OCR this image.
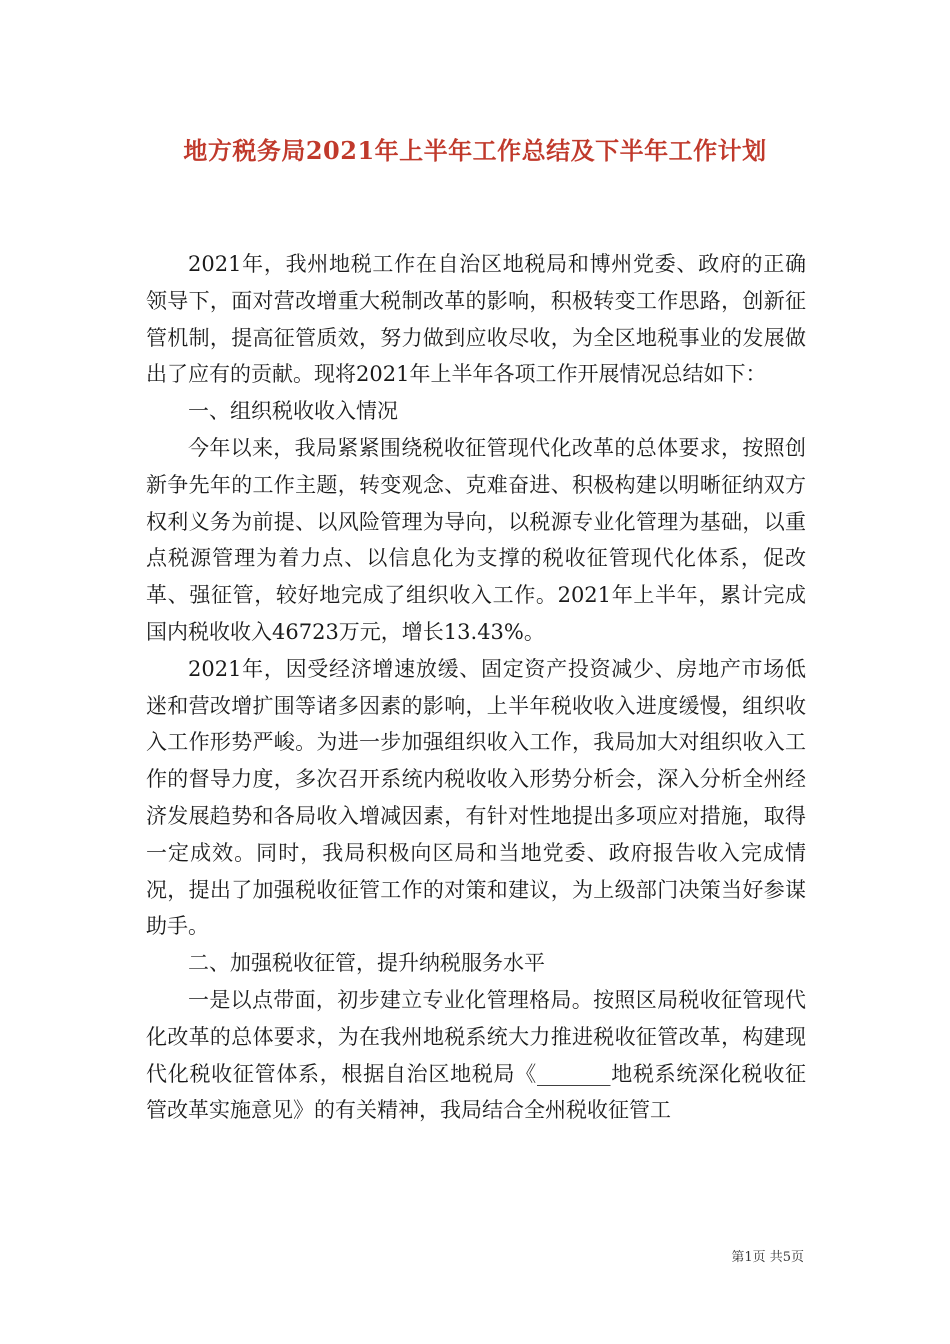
地方税务局2021年上半年工作总结及下半年工作计划

2021年，我州地税工作在自治区地税局和博州党委、政府的正确领导下，面对营改增重大税制改革的影响，积极转变工作思路，创新征管机制，提高征管质效，努力做到应收尽收，为全区地税事业的发展做出了应有的贡献。现将2021年上半年各项工作开展情况总结如下：

一、组织税收收入情况

今年以来，我局紧紧围绕税收征管现代化改革的总体要求，按照创新争先年的工作主题，转变观念、克难奋进、积极构建以明晰征纳双方权利义务为前提、以风险管理为导向，以税源专业化管理为基础，以重点税源管理为着力点、以信息化为支撑的税收征管现代化体系，促改革、强征管，较好地完成了组织收入工作。2021年上半年，累计完成国内税收收入46723万元，增长13.43%。

2021年，因受经济增速放缓、固定资产投资减少、房地产市场低迷和营改增扩围等诸多因素的影响，上半年税收收入进度缓慢，组织收入工作形势严峻。为进一步加强组织收入工作，我局加大对组织收入工作的督导力度，多次召开系统内税收收入形势分析会，深入分析全州经济发展趋势和各局收入增减因素，有针对性地提出多项应对措施，取得一定成效。同时，我局积极向区局和当地党委、政府报告收入完成情况，提出了加强税收征管工作的对策和建议，为上级部门决策当好参谋助手。

二、加强税收征管，提升纳税服务水平

一是以点带面，初步建立专业化管理格局。按照区局税收征管现代化改革的总体要求，为在我州地税系统大力推进税收征管改革，构建现代化税收征管体系，根据自治区地税局《_______地税系统深化税收征管改革实施意见》的有关精神，我局结合全州税收征管工

第1页 共5页
